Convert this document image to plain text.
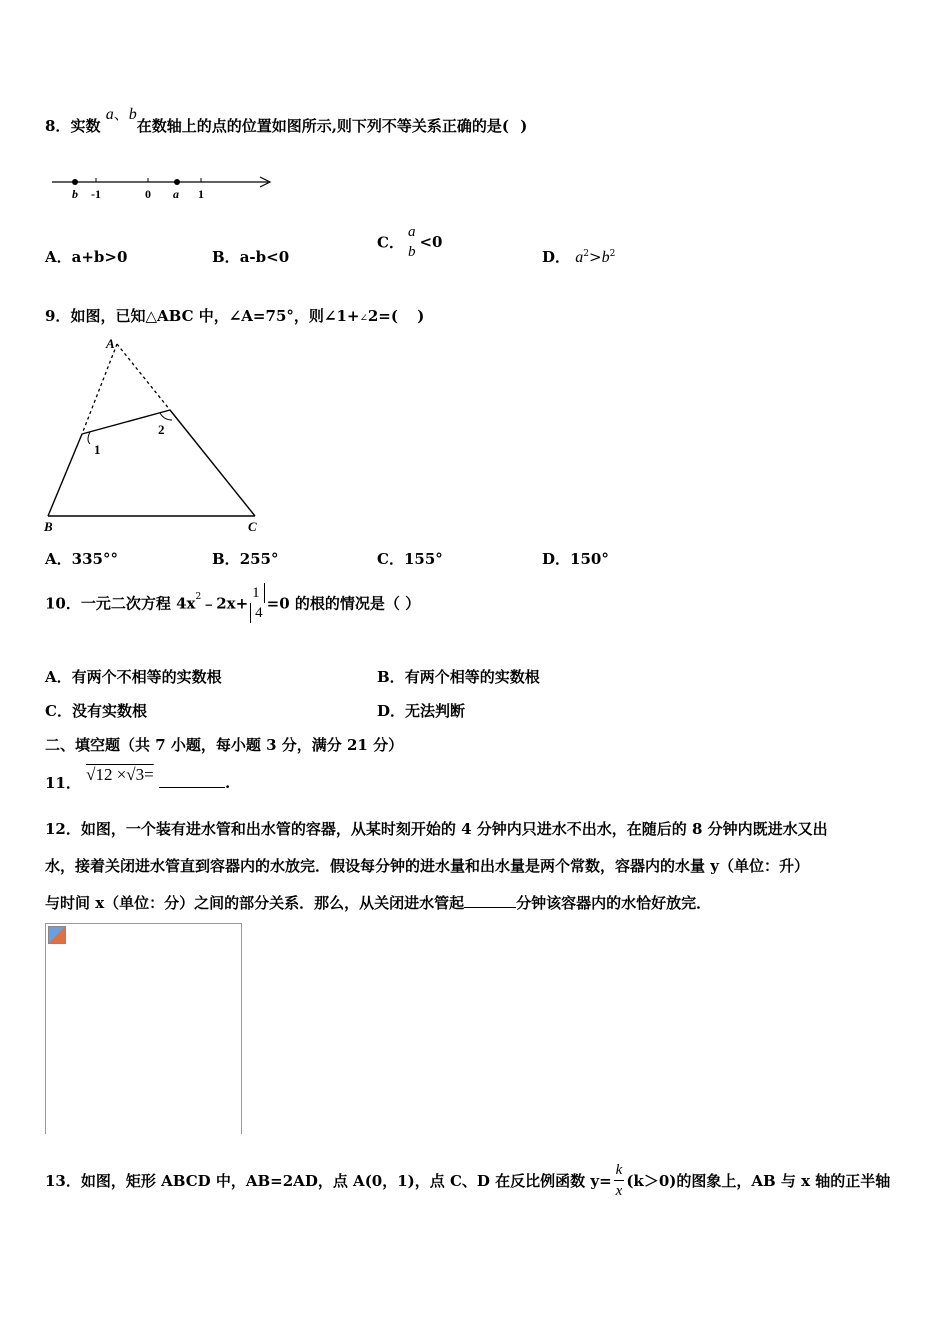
8．实数 a、b在数轴上的点的位置如图所示,则下列不等关系正确的是( )
b -1	0 a 1
A．a+b>0	B．a-b<0
C．
a
b
<0
D． $a^2>b^2$
9．如图，已知△ABC 中，∠A=75°，则∠1+∠2=( )
A
1
2
B	C
A．335°°	B．255°	C．155°	D．150°
10．一元二次方程 $4x^2﹣2x+$
1
4
=0 的根的情况是（ ）
A．有两个不相等的实数根	B．有两个相等的实数根
C．没有实数根	D．无法判断
二、填空题（共 7 小题，每小题 3 分，满分 21 分）
11． √12 ×√3=	.
12．如图，一个装有进水管和出水管的容器，从某时刻开始的 4 分钟内只进水不出水，在随后的 8 分钟内既进水又出
水，接着关闭进水管直到容器内的水放完．假设每分钟的进水量和出水量是两个常数，容器内的水量 y（单位：升）
与时间 x（单位：分）之间的部分关系．那么，从关闭进水管起	分钟该容器内的水恰好放完．
13．如图，矩形 ABCD 中，AB=2AD，点 A(0，1)，点 C、D 在反比例函数 $y= \frac{k}{x} (k>0)$的图象上，AB 与 x 轴的正半轴
